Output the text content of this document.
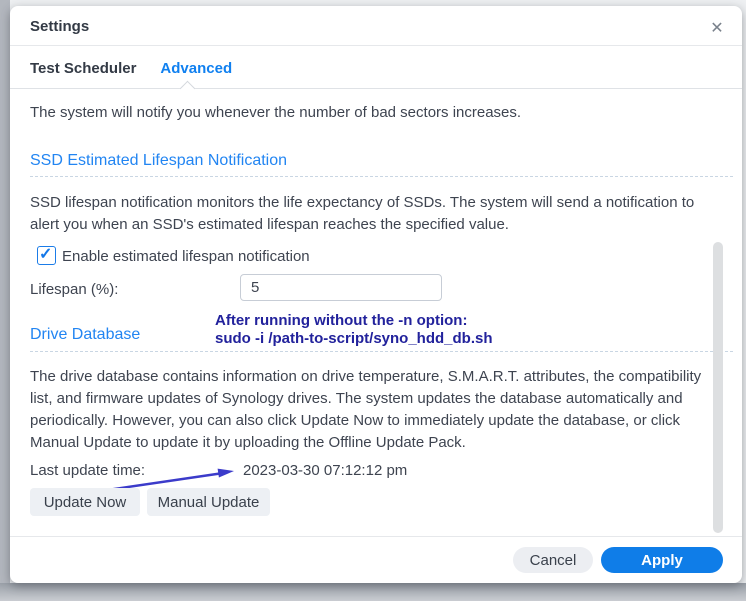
Settings	✕
Test Scheduler Advanced
The system will notify you whenever the number of bad sectors increases.
SSD Estimated Lifespan Notification
SSD lifespan notification monitors the life expectancy of SSDs. The system will send a notification to alert you when an SSD's estimated lifespan reaches the specified value.
✓ Enable estimated lifespan notification
Lifespan (%):
5
After running without the -n option:
sudo -i /path-to-script/syno_hdd_db.sh
Drive Database
The drive database contains information on drive temperature, S.M.A.R.T. attributes, the compatibility list, and firmware updates of Synology drives. The system updates the database automatically and periodically. However, you can also click Update Now to immediately update the database, or click Manual Update to update it by uploading the Offline Update Pack.
Last update time:	2023-03-30 07:12:12 pm
Update Now	Manual Update
Cancel	Apply
